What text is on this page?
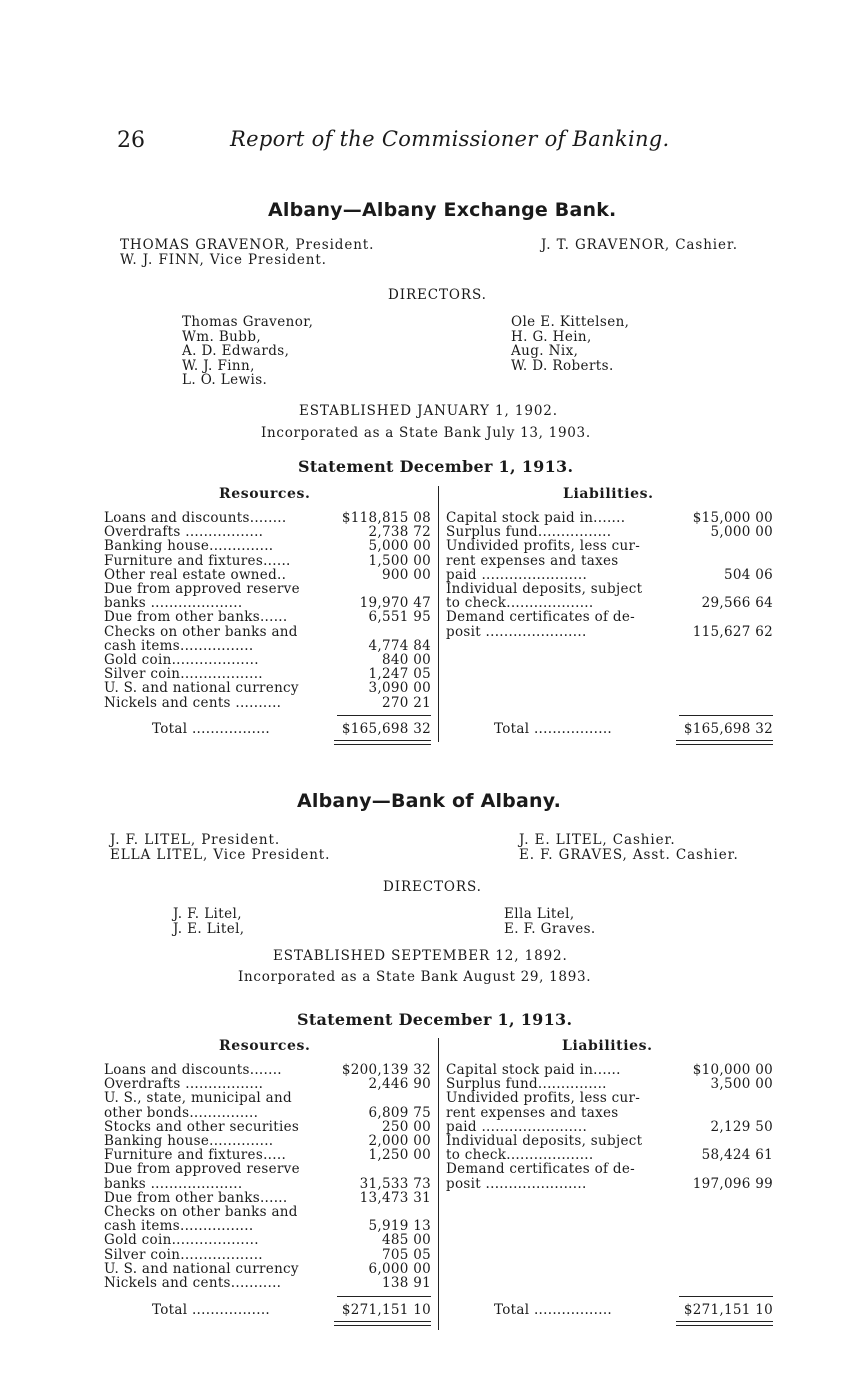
26	Report of the Commissioner of Banking.
Albany—Albany Exchange Bank.
THOMAS GRAVENOR, President.
W. J. FINN, Vice President.
J. T. GRAVENOR, Cashier.
DIRECTORS.
Thomas Gravenor,
Wm. Bubb,
A. D. Edwards,
W. J. Finn,
L. O. Lewis.
Ole E. Kittelsen,
H. G. Hein,
Aug. Nix,
W. D. Roberts.
ESTABLISHED JANUARY 1, 1902.
Incorporated as a State Bank July 13, 1903.
Statement December 1, 1913.
Resources.	Liabilities.
Loans and discounts........	$118,815 08
Overdrafts .................	2,738 72
Banking house..............	5,000 00
Furniture and fixtures......	1,500 00
Other real estate owned..	900 00
Due from approved reserve
banks ....................	19,970 47
Due from other banks......	6,551 95
Checks on other banks and
cash items................	4,774 84
Gold coin...................	840 00
Silver coin..................	1,247 05
U. S. and national currency	3,090 00
Nickels and cents ..........	270 21
Capital stock paid in.......	$15,000 00
Surplus fund................	5,000 00
Undivided profits, less cur-
rent expenses and taxes
paid .......................	504 06
Individual deposits, subject
to check...................	29,566 64
Demand certificates of de-
posit ......................	115,627 62
Total .................	$165,698 32	Total .................	$165,698 32
Albany—Bank of Albany.
J. F. LITEL, President.
ELLA LITEL, Vice President.
J. E. LITEL, Cashier.
E. F. GRAVES, Asst. Cashier.
DIRECTORS.
J. F. Litel,
J. E. Litel,
Ella Litel,
E. F. Graves.
ESTABLISHED SEPTEMBER 12, 1892.
Incorporated as a State Bank August 29, 1893.
Statement December 1, 1913.
Resources.	Liabilities.
Loans and discounts.......	$200,139 32
Overdrafts .................	2,446 90
U. S., state, municipal and
other bonds...............	6,809 75
Stocks and other securities	250 00
Banking house..............	2,000 00
Furniture and fixtures.....	1,250 00
Due from approved reserve
banks ....................	31,533 73
Due from other banks......	13,473 31
Checks on other banks and
cash items................	5,919 13
Gold coin...................	485 00
Silver coin..................	705 05
U. S. and national currency	6,000 00
Nickels and cents...........	138 91
Capital stock paid in......	$10,000 00
Surplus fund...............	3,500 00
Undivided profits, less cur-
rent expenses and taxes
paid .......................	2,129 50
Individual deposits, subject
to check...................	58,424 61
Demand certificates of de-
posit ......................	197,096 99
Total .................	$271,151 10	Total .................	$271,151 10
